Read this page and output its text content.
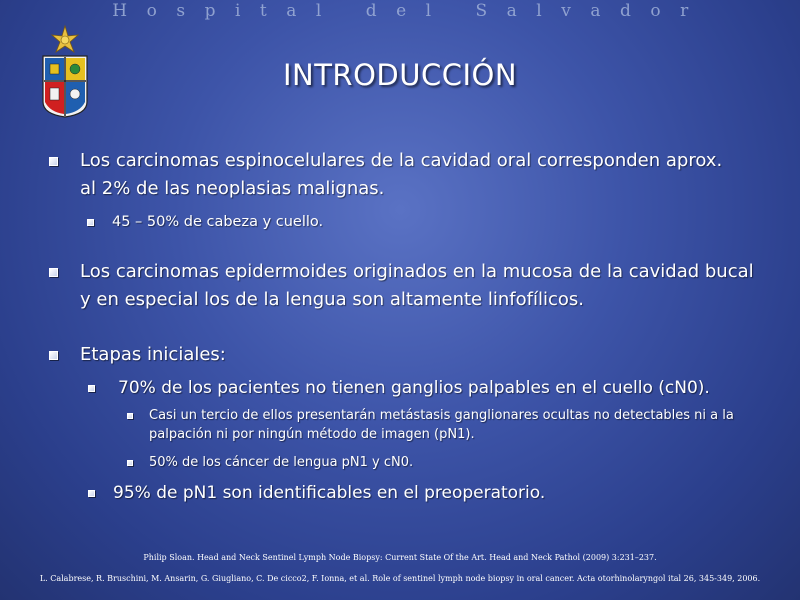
Hospital del Salvador
INTRODUCCIÓN
Los carcinomas espinocelulares de la cavidad oral corresponden aprox. al 2% de las neoplasias malignas.
45 – 50% de cabeza y cuello.
Los carcinomas epidermoides originados en la mucosa de la cavidad bucal y en especial los de la lengua son altamente linfofílicos.
Etapas iniciales:
70% de los pacientes no tienen ganglios palpables en el cuello (cN0).
Casi un tercio de ellos presentarán metástasis ganglionares ocultas no detectables ni a la palpación ni por ningún método de imagen (pN1).
50% de los cáncer de lengua pN1 y cN0.
95% de pN1 son identificables en el preoperatorio.
Philip Sloan. Head and Neck Sentinel Lymph Node Biopsy: Current State Of the Art. Head and Neck Pathol (2009) 3:231–237.
L. Calabrese, R. Bruschini, M. Ansarin, G. Giugliano, C. De cicco2, F. Ionna, et al. Role of sentinel lymph node biopsy in oral cancer. Acta otorhinolaryngol ital 26, 345-349, 2006.
